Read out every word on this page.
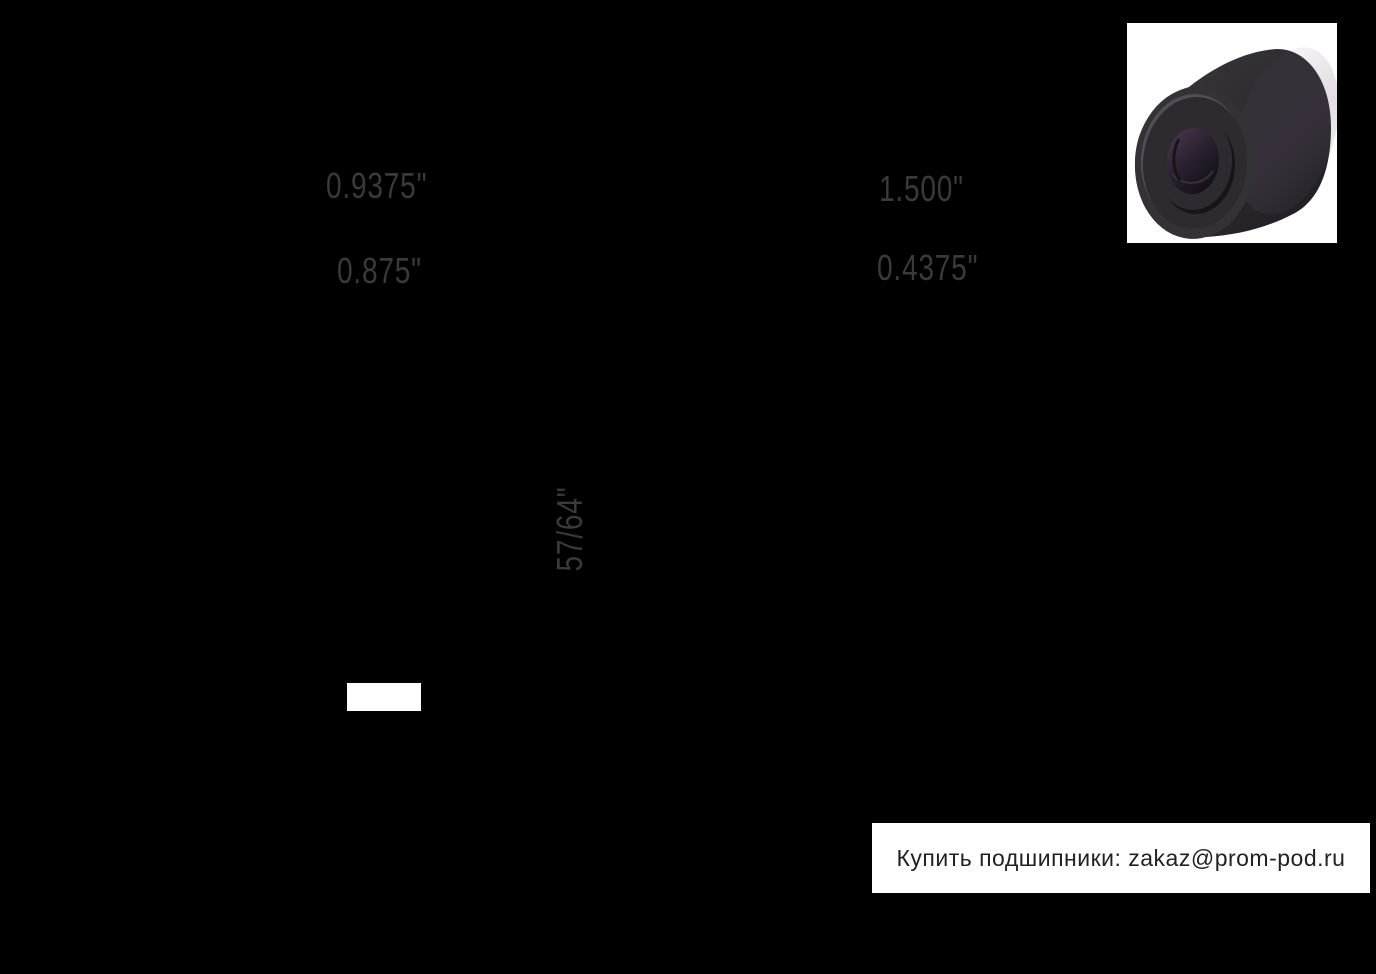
0.9375"
0.875"
1.500"
0.4375"
57/64"
Купить подшипники: zakaz@prom-pod.ru
